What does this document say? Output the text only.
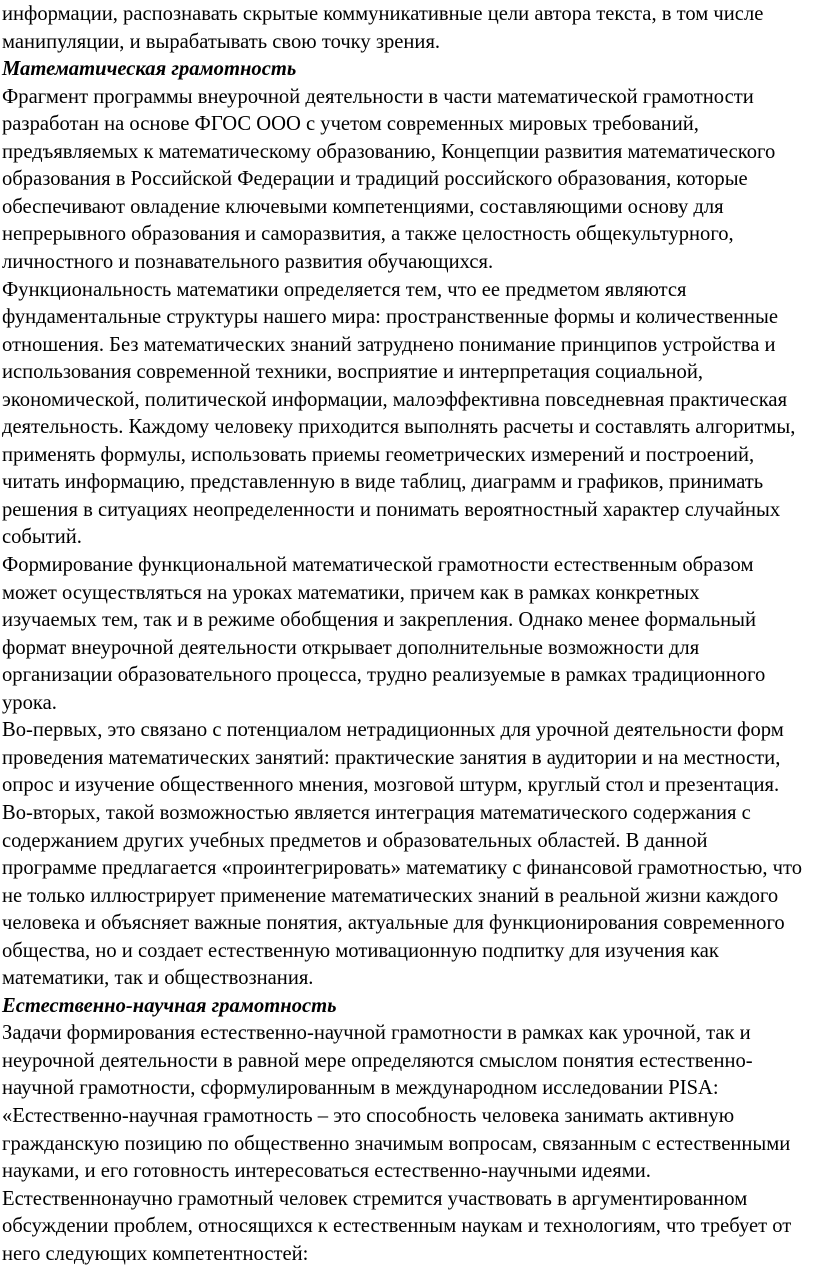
информации, распознавать скрытые коммуникативные цели автора текста, в том числе
манипуляции, и вырабатывать свою точку зрения.
Математическая грамотность
Фрагмент программы внеурочной деятельности в части математической грамотности
разработан на основе ФГОС ООО с учетом современных мировых требований,
предъявляемых к математическому образованию, Концепции развития математического
образования в Российской Федерации и традиций российского образования, которые
обеспечивают овладение ключевыми компетенциями, составляющими основу для
непрерывного образования и саморазвития, а также целостность общекультурного,
личностного и познавательного развития обучающихся.
Функциональность математики определяется тем, что ее предметом являются
фундаментальные структуры нашего мира: пространственные формы и количественные
отношения. Без математических знаний затруднено понимание принципов устройства и
использования современной техники, восприятие и интерпретация социальной,
экономической, политической информации, малоэффективна повседневная практическая
деятельность. Каждому человеку приходится выполнять расчеты и составлять алгоритмы,
применять формулы, использовать приемы геометрических измерений и построений,
читать информацию, представленную в виде таблиц, диаграмм и графиков, принимать
решения в ситуациях неопределенности и понимать вероятностный характер случайных
событий.
Формирование функциональной математической грамотности естественным образом
может осуществляться на уроках математики, причем как в рамках конкретных
изучаемых тем, так и в режиме обобщения и закрепления. Однако менее формальный
формат внеурочной деятельности открывает дополнительные возможности для
организации образовательного процесса, трудно реализуемые в рамках традиционного
урока.
Во-первых, это связано с потенциалом нетрадиционных для урочной деятельности форм
проведения математических занятий: практические занятия в аудитории и на местности,
опрос и изучение общественного мнения, мозговой штурм, круглый стол и презентация.
Во-вторых, такой возможностью является интеграция математического содержания с
содержанием других учебных предметов и образовательных областей. В данной
программе предлагается «проинтегрировать» математику с финансовой грамотностью, что
не только иллюстрирует применение математических знаний в реальной жизни каждого
человека и объясняет важные понятия, актуальные для функционирования современного
общества, но и создает естественную мотивационную подпитку для изучения как
математики, так и обществознания.
Естественно-научная грамотность
Задачи формирования естественно-научной грамотности в рамках как урочной, так и
неурочной деятельности в равной мере определяются смыслом понятия естественно-
научной грамотности, сформулированным в международном исследовании PISA:
«Естественно-научная грамотность – это способность человека занимать активную
гражданскую позицию по общественно значимым вопросам, связанным с естественными
науками, и его готовность интересоваться естественно-научными идеями.
Естественнонаучно грамотный человек стремится участвовать в аргументированном
обсуждении проблем, относящихся к естественным наукам и технологиям, что требует от
него следующих компетентностей:
